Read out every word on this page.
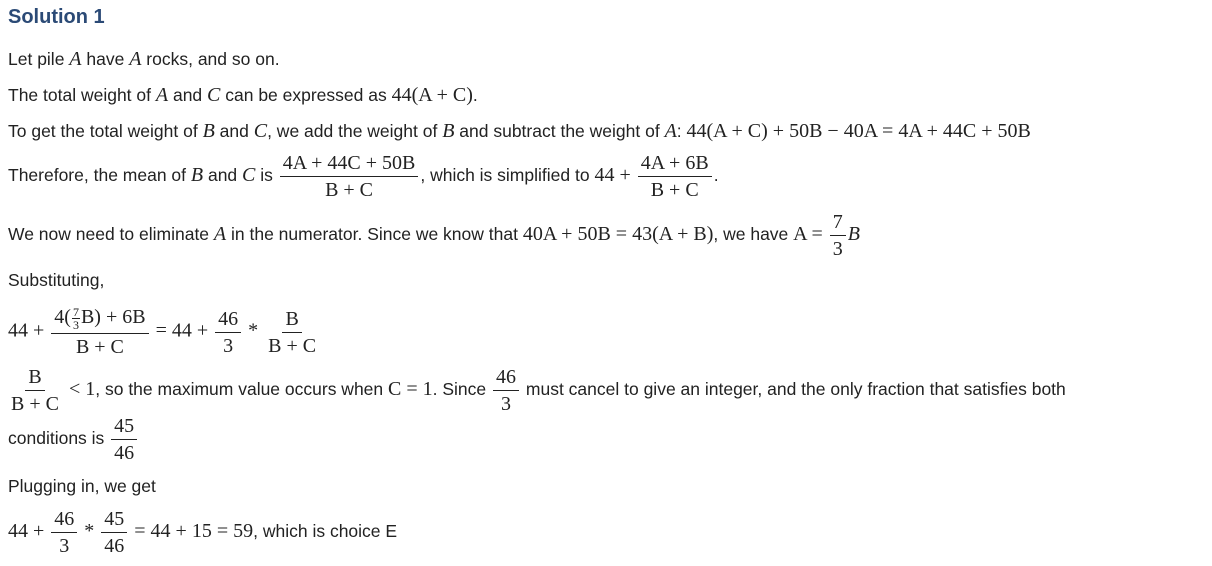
Solution 1
Let pile A have A rocks, and so on.
The total weight of A and C can be expressed as 44(A + C).
To get the total weight of B and C, we add the weight of B and subtract the weight of A: 44(A + C) + 50B − 40A = 4A + 44C + 50B
Therefore, the mean of B and C is $\frac{4A + 44C + 50B}{B + C}$ , which is simplified to $44 + \frac{4A + 6B}{B + C}$ .
We now need to eliminate A in the numerator. Since we know that 40A + 50B = 43(A + B), we have $A = \frac{7}{3}$ B
Substituting,
$44 + \frac{4( \frac{7}{3} B) + 6B}{B + C} = 44 + \frac{46}{3} * \frac{B}{B + C}$
$\frac{B}{B + C} < 1$, so the maximum value occurs when C = 1. Since $\frac{46}{3}$ must cancel to give an integer, and the only fraction that satisfies both
conditions is $\frac{45}{46}$
Plugging in, we get
$44 + \frac{46}{3} * \frac{45}{46} = 44 + 15 = 59$, which is choice E
